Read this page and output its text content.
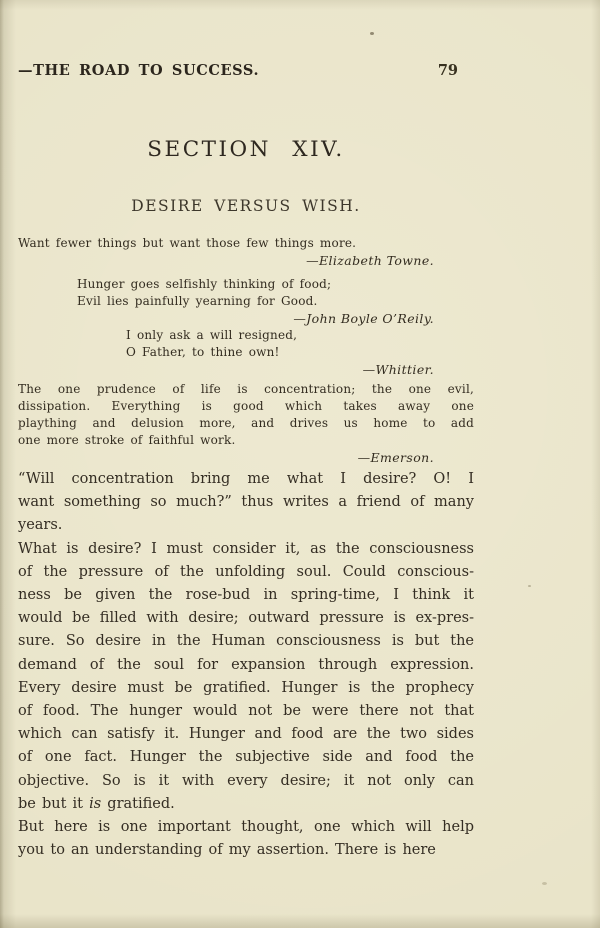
—THE ROAD TO SUCCESS.	79
SECTION XIV.
DESIRE VERSUS WISH.
Want fewer things but want those few things more.
—Elizabeth Towne.
Hunger goes selfishly thinking of food;
Evil lies painfully yearning for Good.
—John Boyle O’Reily.
I only ask a will resigned,
O Father, to thine own!
—Whittier.
The one prudence of life is concentration; the one evil,
dissipation. Everything is good which takes away one
plaything and delusion more, and drives us home to add
one more stroke of faithful work.
—Emerson.
“Will concentration bring me what I desire? O! I
want something so much?” thus writes a friend of many
years.
What is desire? I must consider it, as the consciousness
of the pressure of the unfolding soul. Could conscious-
ness be given the rose-bud in spring-time, I think it
would be filled with desire; outward pressure is ex-pres-
sure. So desire in the Human consciousness is but the
demand of the soul for expansion through expression.
Every desire must be gratified. Hunger is the prophecy
of food. The hunger would not be were there not that
which can satisfy it. Hunger and food are the two sides
of one fact. Hunger the subjective side and food the
objective. So is it with every desire; it not only can
be but it is gratified.
But here is one important thought, one which will help
you to an understanding of my assertion. There is here
